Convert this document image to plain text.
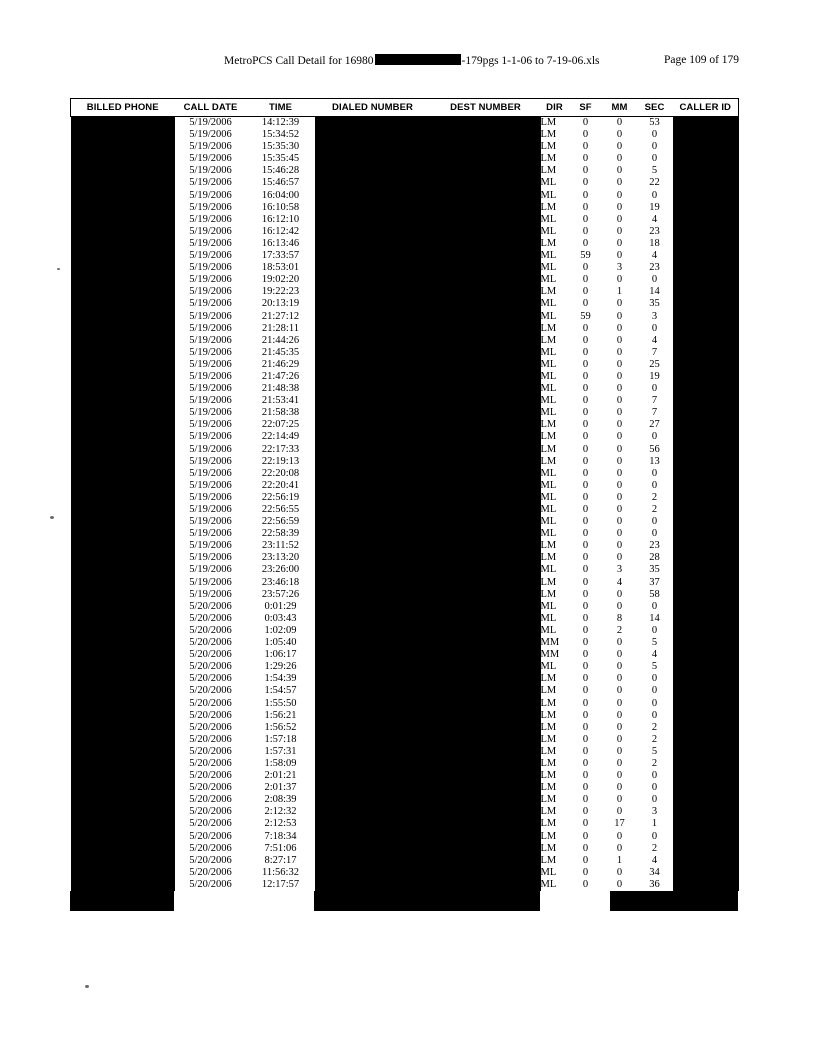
MetroPCS Call Detail for 16980	-179pgs 1-1-06 to 7-19-06.xls	Page 109 of 179
BILLED PHONE	CALL DATE	TIME	DIALED NUMBER	DEST NUMBER	DIR	SF	MM	SEC	CALLER ID
	5/19/2006	14:12:39			LM	0	0	53	
	5/19/2006	15:34:52			LM	0	0	0	
	5/19/2006	15:35:30			LM	0	0	0	
	5/19/2006	15:35:45			LM	0	0	0	
	5/19/2006	15:46:28			LM	0	0	5	
	5/19/2006	15:46:57			ML	0	0	22	
	5/19/2006	16:04:00			ML	0	0	0	
	5/19/2006	16:10:58			LM	0	0	19	
	5/19/2006	16:12:10			ML	0	0	4	
	5/19/2006	16:12:42			ML	0	0	23	
	5/19/2006	16:13:46			LM	0	0	18	
	5/19/2006	17:33:57			ML	59	0	4	
	5/19/2006	18:53:01			ML	0	3	23	
	5/19/2006	19:02:20			ML	0	0	0	
	5/19/2006	19:22:23			LM	0	1	14	
	5/19/2006	20:13:19			ML	0	0	35	
	5/19/2006	21:27:12			ML	59	0	3	
	5/19/2006	21:28:11			LM	0	0	0	
	5/19/2006	21:44:26			LM	0	0	4	
	5/19/2006	21:45:35			ML	0	0	7	
	5/19/2006	21:46:29			ML	0	0	25	
	5/19/2006	21:47:26			ML	0	0	19	
	5/19/2006	21:48:38			ML	0	0	0	
	5/19/2006	21:53:41			ML	0	0	7	
	5/19/2006	21:58:38			ML	0	0	7	
	5/19/2006	22:07:25			LM	0	0	27	
	5/19/2006	22:14:49			LM	0	0	0	
	5/19/2006	22:17:33			LM	0	0	56	
	5/19/2006	22:19:13			LM	0	0	13	
	5/19/2006	22:20:08			ML	0	0	0	
	5/19/2006	22:20:41			ML	0	0	0	
	5/19/2006	22:56:19			ML	0	0	2	
	5/19/2006	22:56:55			ML	0	0	2	
	5/19/2006	22:56:59			ML	0	0	0	
	5/19/2006	22:58:39			ML	0	0	0	
	5/19/2006	23:11:52			LM	0	0	23	
	5/19/2006	23:13:20			LM	0	0	28	
	5/19/2006	23:26:00			ML	0	3	35	
	5/19/2006	23:46:18			LM	0	4	37	
	5/19/2006	23:57:26			LM	0	0	58	
	5/20/2006	0:01:29			ML	0	0	0	
	5/20/2006	0:03:43			ML	0	8	14	
	5/20/2006	1:02:09			ML	0	2	0	
	5/20/2006	1:05:40			MM	0	0	5	
	5/20/2006	1:06:17			MM	0	0	4	
	5/20/2006	1:29:26			ML	0	0	5	
	5/20/2006	1:54:39			LM	0	0	0	
	5/20/2006	1:54:57			LM	0	0	0	
	5/20/2006	1:55:50			LM	0	0	0	
	5/20/2006	1:56:21			LM	0	0	0	
	5/20/2006	1:56:52			LM	0	0	2	
	5/20/2006	1:57:18			LM	0	0	2	
	5/20/2006	1:57:31			LM	0	0	5	
	5/20/2006	1:58:09			LM	0	0	2	
	5/20/2006	2:01:21			LM	0	0	0	
	5/20/2006	2:01:37			LM	0	0	0	
	5/20/2006	2:08:39			LM	0	0	0	
	5/20/2006	2:12:32			LM	0	0	3	
	5/20/2006	2:12:53			LM	0	17	1	
	5/20/2006	7:18:34			LM	0	0	0	
	5/20/2006	7:51:06			LM	0	0	2	
	5/20/2006	8:27:17			LM	0	1	4	
	5/20/2006	11:56:32			ML	0	0	34	
	5/20/2006	12:17:57			ML	0	0	36	
